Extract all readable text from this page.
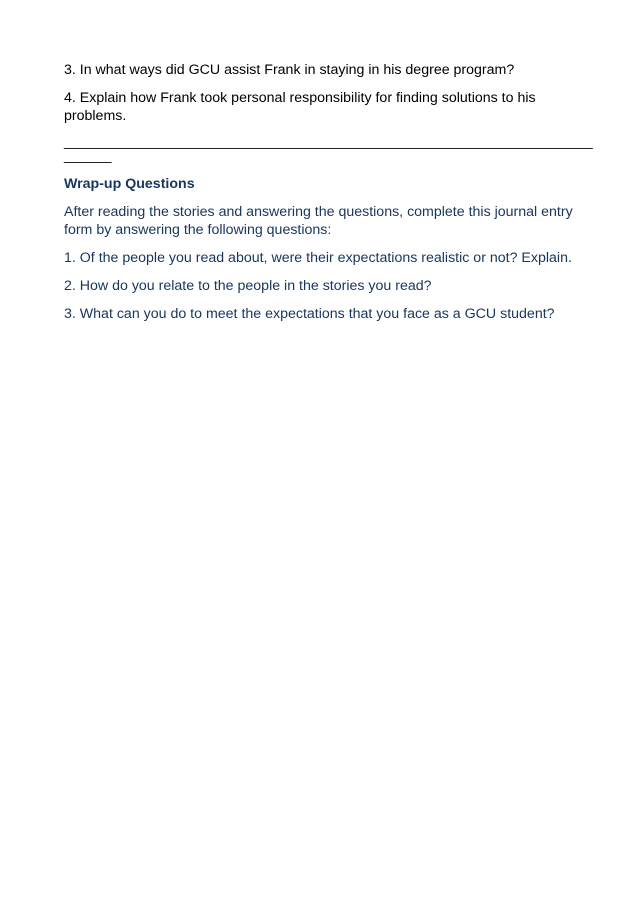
3. In what ways did GCU assist Frank in staying in his degree program?

4. Explain how Frank took personal responsibility for finding solutions to his problems.

_________________________________________________________________________

Wrap-up Questions

After reading the stories and answering the questions, complete this journal entry form by answering the following questions:

1. Of the people you read about, were their expectations realistic or not? Explain.

2. How do you relate to the people in the stories you read?

3. What can you do to meet the expectations that you face as a GCU student?
